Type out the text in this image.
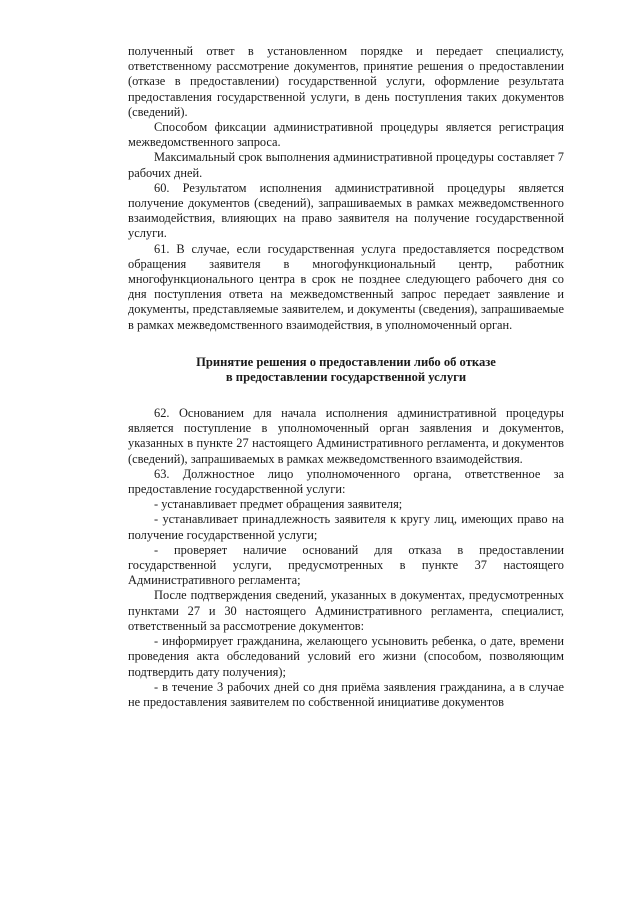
полученный ответ в установленном порядке и передает специалисту, ответственному рассмотрение документов, принятие решения о предоставлении (отказе в предоставлении) государственной услуги, оформление результата предоставления государственной услуги, в день поступления таких документов (сведений).

Способом фиксации административной процедуры является регистрация межведомственного запроса.

Максимальный срок выполнения административной процедуры составляет 7 рабочих дней.

60. Результатом исполнения административной процедуры является получение документов (сведений), запрашиваемых в рамках межведомственного взаимодействия, влияющих на право заявителя на получение государственной услуги.

61. В случае, если государственная услуга предоставляется посредством обращения заявителя в многофункциональный центр, работник многофункционального центра в срок не позднее следующего рабочего дня со дня поступления ответа на межведомственный запрос передает заявление и документы, представляемые заявителем, и документы (сведения), запрашиваемые в рамках межведомственного взаимодействия, в уполномоченный орган.

Принятие решения о предоставлении либо об отказе

в предоставлении государственной услуги

62. Основанием для начала исполнения административной процедуры является поступление в уполномоченный орган заявления и документов, указанных в пункте 27 настоящего Административного регламента, и документов (сведений), запрашиваемых в рамках межведомственного взаимодействия.

63. Должностное лицо уполномоченного органа, ответственное за предоставление государственной услуги:

- устанавливает предмет обращения заявителя;

- устанавливает принадлежность заявителя к кругу лиц, имеющих право на получение государственной услуги;

- проверяет наличие оснований для отказа в предоставлении государственной услуги, предусмотренных в пункте 37 настоящего Административного регламента;

После подтверждения сведений, указанных в документах, предусмотренных пунктами 27 и 30 настоящего Административного регламента, специалист, ответственный за рассмотрение документов:

- информирует гражданина, желающего усыновить ребенка, о дате, времени проведения акта обследований условий его жизни (способом, позволяющим подтвердить дату получения);

- в течение 3 рабочих дней со дня приёма заявления гражданина, а в случае не предоставления заявителем по собственной инициативе документов
